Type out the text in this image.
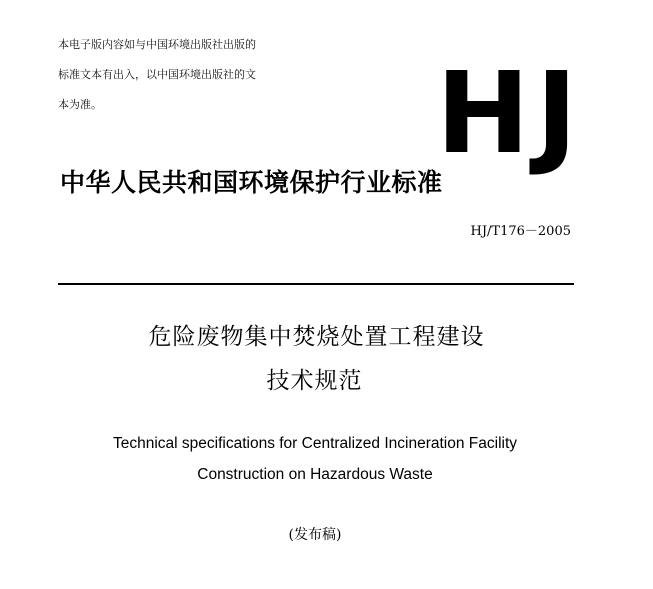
本电子版内容如与中国环境出版社出版的
标准文本有出入，以中国环境出版社的文
本为准。	HJ
中华人民共和国环境保护行业标准
HJ/T176－2005
危险废物集中焚烧处置工程建设
技术规范
Technical specifications for Centralized Incineration Facility
Construction on Hazardous Waste
(发布稿)
